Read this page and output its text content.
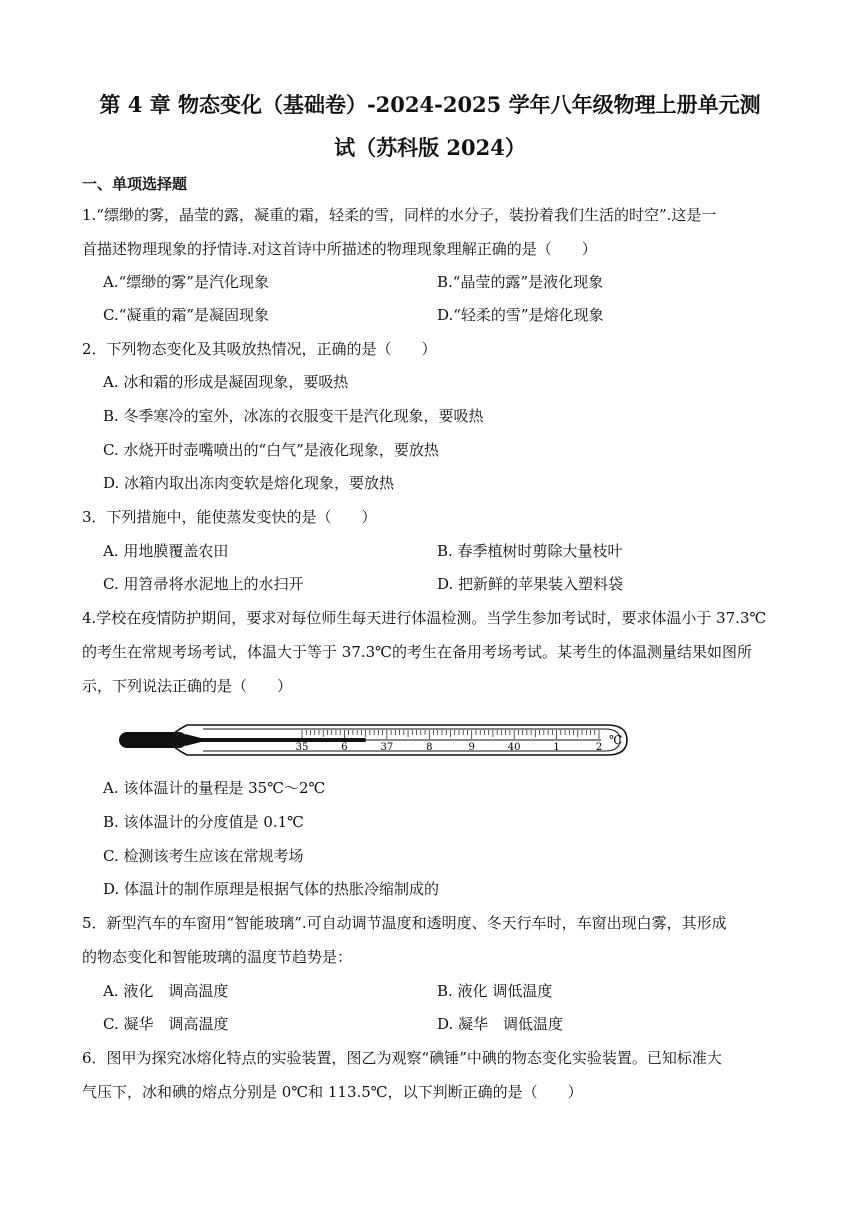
第 4 章 物态变化（基础卷）-2024-2025 学年八年级物理上册单元测
试（苏科版 2024）
一、单项选择题
1.“缥缈的雾，晶莹的露，凝重的霜，轻柔的雪，同样的水分子，装扮着我们生活的时空”.这是一
首描述物理现象的抒情诗.对这首诗中所描述的物理现象理解正确的是（　　）
A.“缥缈的雾”是汽化现象	B.“晶莹的露”是液化现象
C.“凝重的霜”是凝固现象	D.“轻柔的雪”是熔化现象
2．下列物态变化及其吸放热情况，正确的是（　　）
A. 冰和霜的形成是凝固现象，要吸热
B. 冬季寒冷的室外，冰冻的衣服变干是汽化现象，要吸热
C. 水烧开时壶嘴喷出的“白气”是液化现象，要放热
D. 冰箱内取出冻肉变软是熔化现象，要放热
3．下列措施中，能使蒸发变快的是（　　）
A. 用地膜覆盖农田	B. 春季植树时剪除大量枝叶
C. 用笤帚将水泥地上的水扫开	D. 把新鲜的苹果装入塑料袋
4.学校在疫情防护期间，要求对每位师生每天进行体温检测。当学生参加考试时，要求体温小于 37.3℃
的考生在常规考场考试，体温大于等于 37.3℃的考生在备用考场考试。某考生的体温测量结果如图所
示，下列说法正确的是（　　）
35	6	37	8	9	40	1	2
℃
A. 该体温计的量程是 35℃～2℃
B. 该体温计的分度值是 0.1℃
C. 检测该考生应该在常规考场
D. 体温计的制作原理是根据气体的热胀冷缩制成的
5．新型汽车的车窗用“智能玻璃”.可自动调节温度和透明度、冬天行车时，车窗出现白雾，其形成
的物态变化和智能玻璃的温度节趋势是：
A. 液化　调高温度	B. 液化 调低温度
C. 凝华　调高温度	D. 凝华　调低温度
6．图甲为探究冰熔化特点的实验装置，图乙为观察“碘锤”中碘的物态变化实验装置。已知标准大
气压下，冰和碘的熔点分别是 0℃和 113.5℃，以下判断正确的是（　　）
